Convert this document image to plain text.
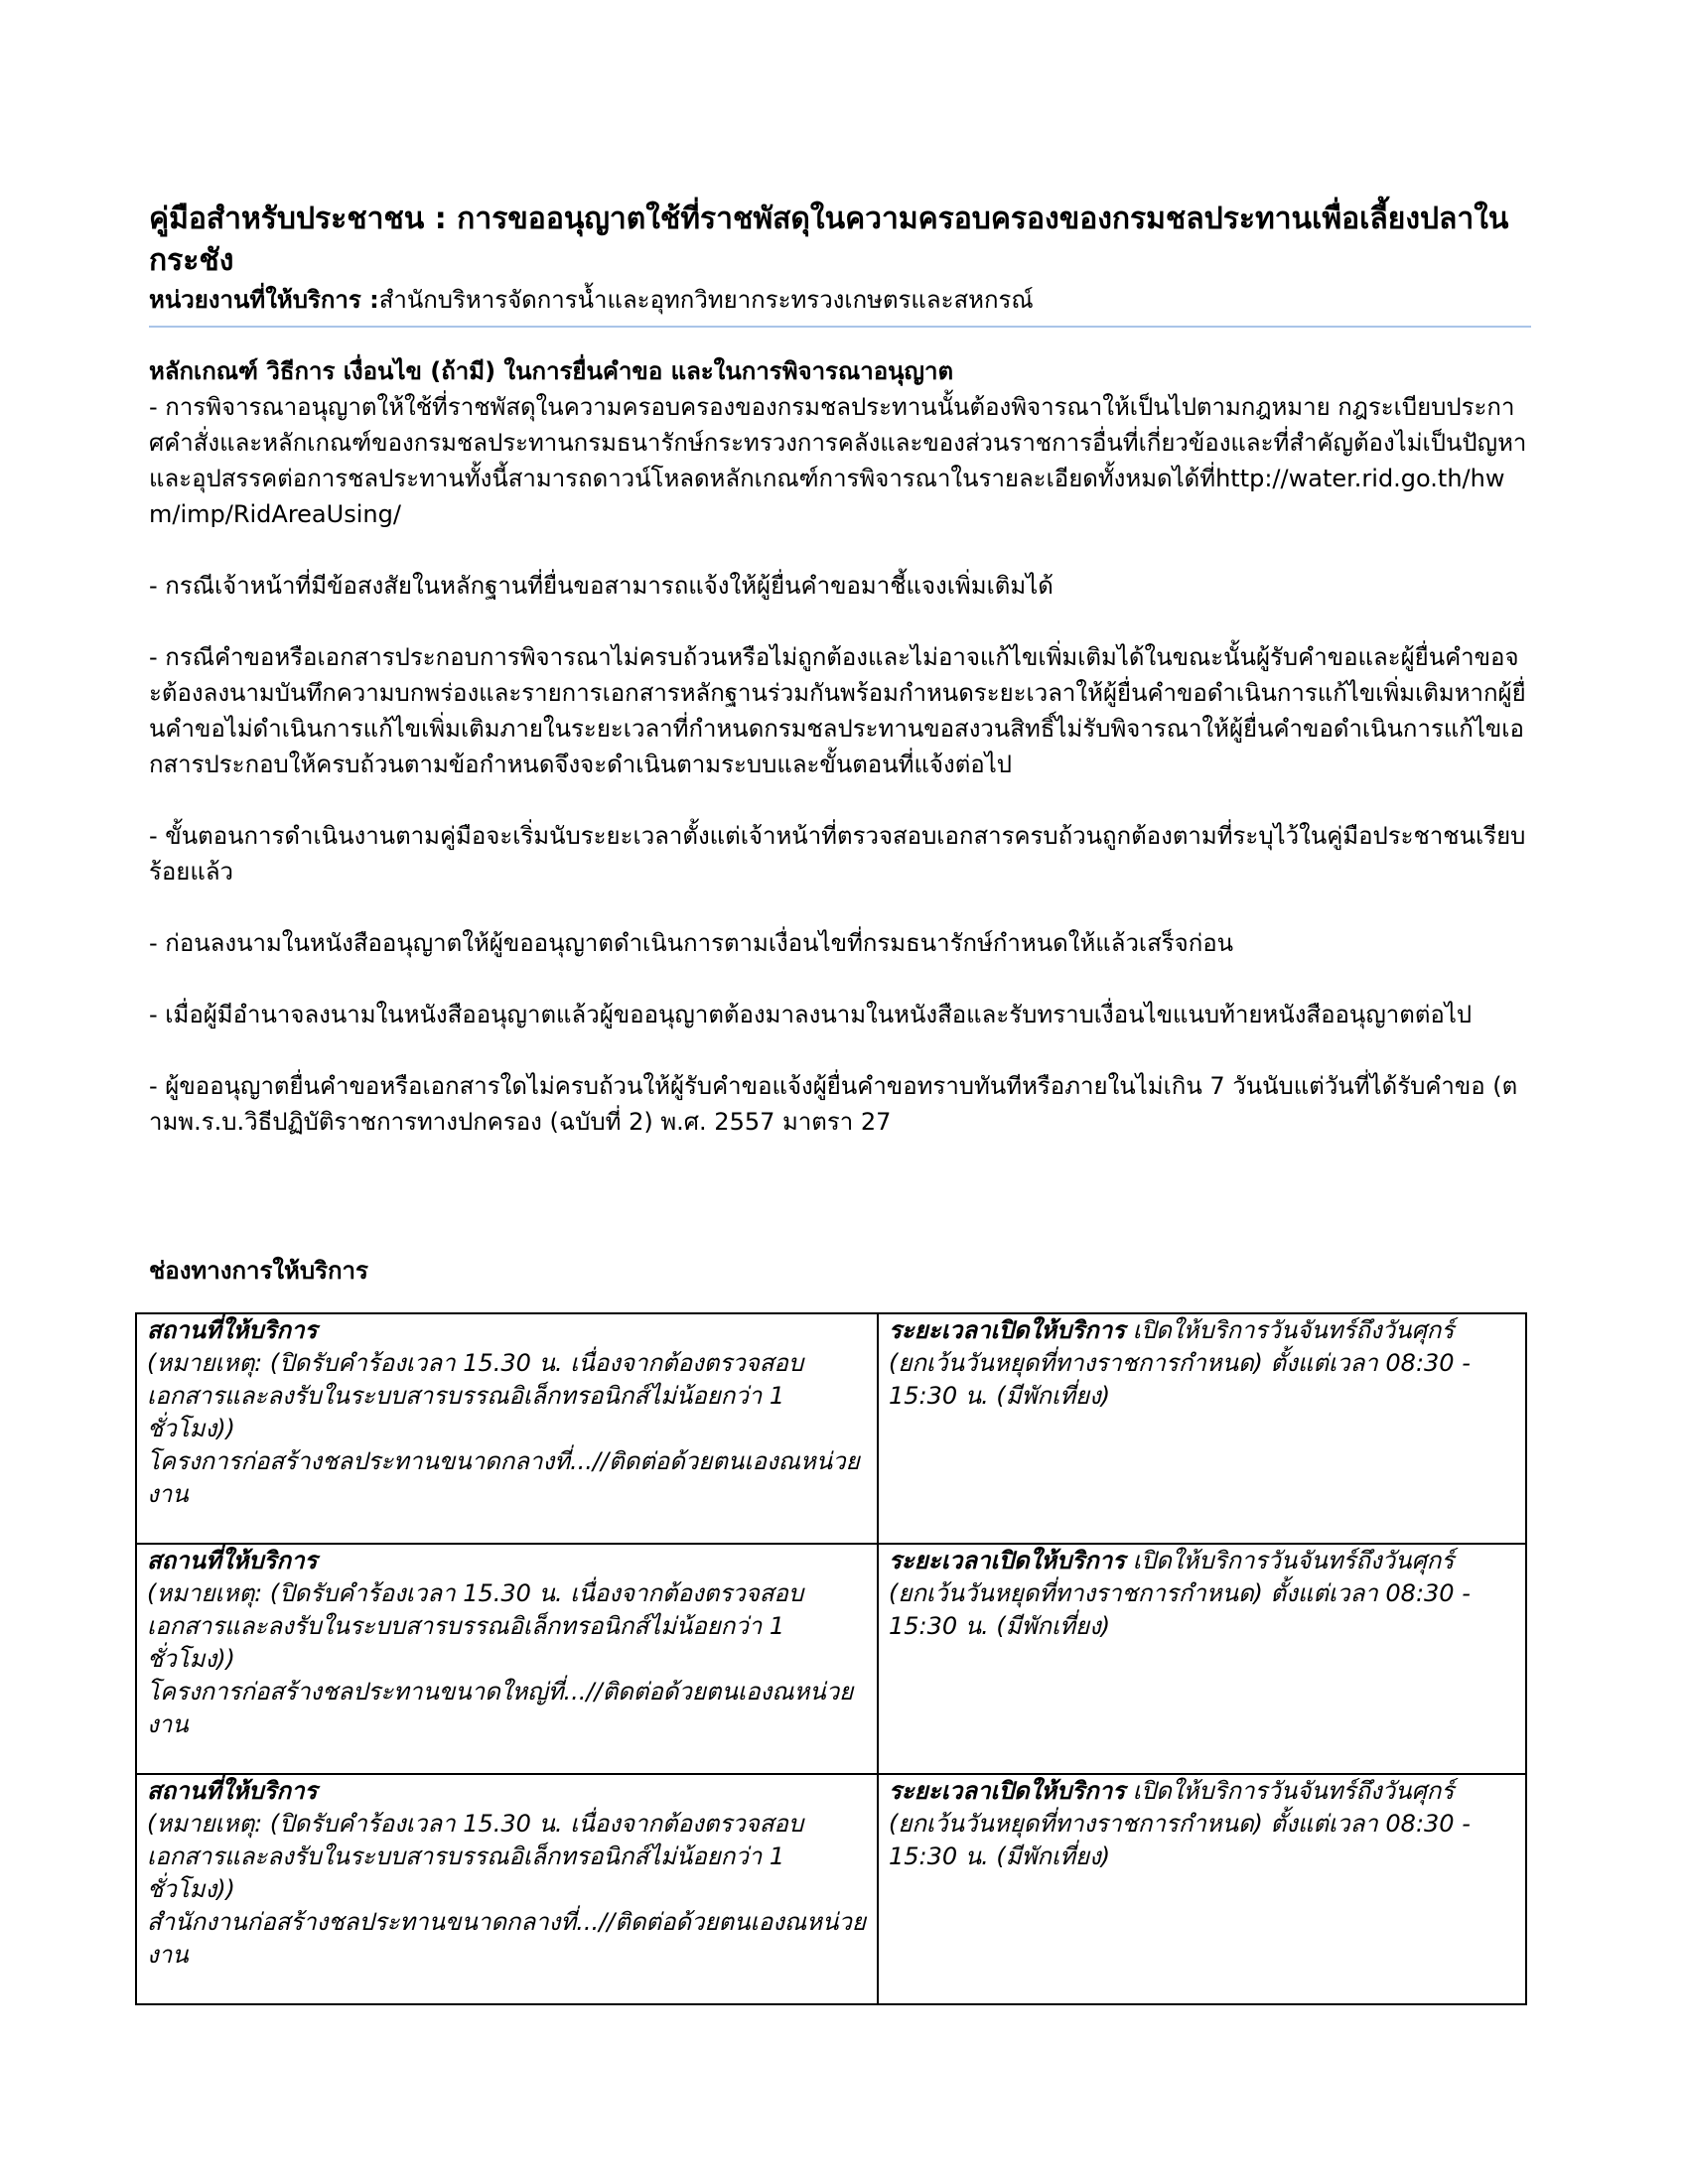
คู่มือสำหรับประชาชน : การขออนุญาตใช้ที่ราชพัสดุในความครอบครองของกรมชลประทานเพื่อเลี้ยงปลาในกระชัง

หน่วยงานที่ให้บริการ :สำนักบริหารจัดการน้ำและอุทกวิทยากระทรวงเกษตรและสหกรณ์

หลักเกณฑ์ วิธีการ เงื่อนไข (ถ้ามี) ในการยื่นคำขอ และในการพิจารณาอนุญาต

- การพิจารณาอนุญาตให้ใช้ที่ราชพัสดุในความครอบครองของกรมชลประทานนั้นต้องพิจารณาให้เป็นไปตามกฎหมาย กฎระเบียบประกาศคำสั่งและหลักเกณฑ์ของกรมชลประทานกรมธนารักษ์กระทรวงการคลังและของส่วนราชการอื่นที่เกี่ยวข้องและที่สำคัญต้องไม่เป็นปัญหาและอุปสรรคต่อการชลประทานทั้งนี้สามารถดาวน์โหลดหลักเกณฑ์การพิจารณาในรายละเอียดทั้งหมดได้ที่http://water.rid.go.th/hwm/imp/RidAreaUsing/

- กรณีเจ้าหน้าที่มีข้อสงสัยในหลักฐานที่ยื่นขอสามารถแจ้งให้ผู้ยื่นคำขอมาชี้แจงเพิ่มเติมได้

- กรณีคำขอหรือเอกสารประกอบการพิจารณาไม่ครบถ้วนหรือไม่ถูกต้องและไม่อาจแก้ไขเพิ่มเติมได้ในขณะนั้นผู้รับคำขอและผู้ยื่นคำขอจะต้องลงนามบันทึกความบกพร่องและรายการเอกสารหลักฐานร่วมกันพร้อมกำหนดระยะเวลาให้ผู้ยื่นคำขอดำเนินการแก้ไขเพิ่มเติมหากผู้ยื่นคำขอไม่ดำเนินการแก้ไขเพิ่มเติมภายในระยะเวลาที่กำหนดกรมชลประทานขอสงวนสิทธิ์ไม่รับพิจารณาให้ผู้ยื่นคำขอดำเนินการแก้ไขเอกสารประกอบให้ครบถ้วนตามข้อกำหนดจึงจะดำเนินตามระบบและขั้นตอนที่แจ้งต่อไป

- ขั้นตอนการดำเนินงานตามคู่มือจะเริ่มนับระยะเวลาตั้งแต่เจ้าหน้าที่ตรวจสอบเอกสารครบถ้วนถูกต้องตามที่ระบุไว้ในคู่มือประชาชนเรียบร้อยแล้ว

- ก่อนลงนามในหนังสืออนุญาตให้ผู้ขออนุญาตดำเนินการตามเงื่อนไขที่กรมธนารักษ์กำหนดให้แล้วเสร็จก่อน

- เมื่อผู้มีอำนาจลงนามในหนังสืออนุญาตแล้วผู้ขออนุญาตต้องมาลงนามในหนังสือและรับทราบเงื่อนไขแนบท้ายหนังสืออนุญาตต่อไป

- ผู้ขออนุญาตยื่นคำขอหรือเอกสารใดไม่ครบถ้วนให้ผู้รับคำขอแจ้งผู้ยื่นคำขอทราบทันทีหรือภายในไม่เกิน 7 วันนับแต่วันที่ได้รับคำขอ (ตามพ.ร.บ.วิธีปฏิบัติราชการทางปกครอง (ฉบับที่ 2) พ.ศ. 2557 มาตรา 27

ช่องทางการให้บริการ
สถานที่ให้บริการ
(หมายเหตุ: (ปิดรับคำร้องเวลา 15.30 น. เนื่องจากต้องตรวจสอบเอกสารและลงรับในระบบสารบรรณอิเล็กทรอนิกส์ไม่น้อยกว่า 1 ชั่วโมง))
โครงการก่อสร้างชลประทานขนาดกลางที่...//ติดต่อด้วยตนเองณหน่วยงาน	ระยะเวลาเปิดให้บริการ เปิดให้บริการวันจันทร์ถึงวันศุกร์ (ยกเว้นวันหยุดที่ทางราชการกำหนด) ตั้งแต่เวลา 08:30 - 15:30 น. (มีพักเที่ยง)

สถานที่ให้บริการ
(หมายเหตุ: (ปิดรับคำร้องเวลา 15.30 น. เนื่องจากต้องตรวจสอบเอกสารและลงรับในระบบสารบรรณอิเล็กทรอนิกส์ไม่น้อยกว่า 1 ชั่วโมง))
โครงการก่อสร้างชลประทานขนาดใหญ่ที่...//ติดต่อด้วยตนเองณหน่วยงาน	ระยะเวลาเปิดให้บริการ เปิดให้บริการวันจันทร์ถึงวันศุกร์ (ยกเว้นวันหยุดที่ทางราชการกำหนด) ตั้งแต่เวลา 08:30 - 15:30 น. (มีพักเที่ยง)

สถานที่ให้บริการ
(หมายเหตุ: (ปิดรับคำร้องเวลา 15.30 น. เนื่องจากต้องตรวจสอบเอกสารและลงรับในระบบสารบรรณอิเล็กทรอนิกส์ไม่น้อยกว่า 1 ชั่วโมง))
สำนักงานก่อสร้างชลประทานขนาดกลางที่...//ติดต่อด้วยตนเองณหน่วยงาน	ระยะเวลาเปิดให้บริการ เปิดให้บริการวันจันทร์ถึงวันศุกร์ (ยกเว้นวันหยุดที่ทางราชการกำหนด) ตั้งแต่เวลา 08:30 - 15:30 น. (มีพักเที่ยง)
